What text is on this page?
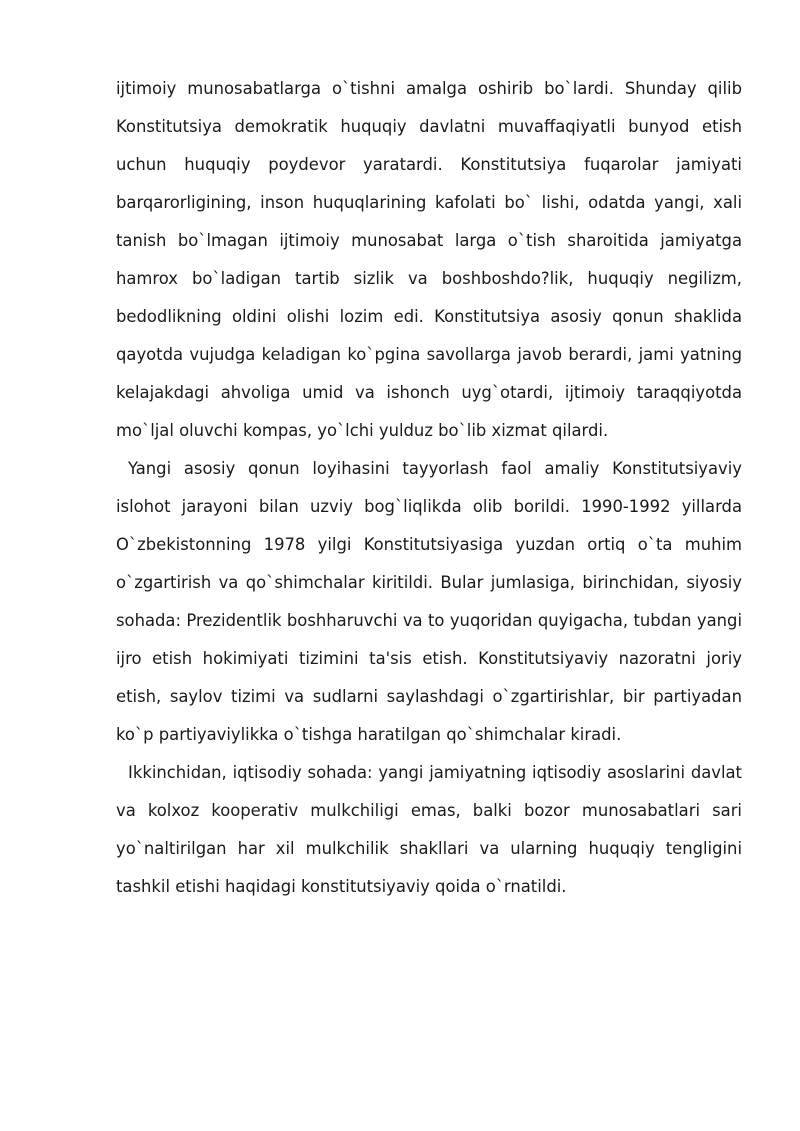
ijtimoiy munosabatlarga o`tishni amalga oshirib bo`lardi. Shunday qilib Konstitutsiya demokratik huquqiy davlatni muvaffaqiyatli bunyod etish uchun huquqiy poydevor yaratardi. Konstitutsiya fuqarolar jamiyati barqarorligining, inson huquqlarining kafolati bo` lishi, odatda yangi, xali tanish bo`lmagan ijtimoiy munosabat larga o`tish sharoitida jamiyatga hamrox bo`ladigan tartib sizlik va boshboshdo?lik, huquqiy negilizm, bedodlikning oldini olishi lozim edi. Konstitutsiya asosiy qonun shaklida qayotda vujudga keladigan ko`pgina savollarga javob berardi, jami yatning kelajakdagi ahvoliga umid va ishonch uyg`otardi, ijtimoiy taraqqiyotda mo`ljal oluvchi kompas, yo`lchi yulduz bo`lib xizmat qilardi.

Yangi asosiy qonun loyihasini tayyorlash faol amaliy Konstitutsiyaviy islohot jarayoni bilan uzviy bog`liqlikda olib borildi. 1990-1992 yillarda O`zbekistonning 1978 yilgi Konstitutsiyasiga yuzdan ortiq o`ta muhim o`zgartirish va qo`shimchalar kiritildi. Bular jumlasiga, birinchidan, siyosiy sohada: Prezidentlik boshharuvchi va to yuqoridan quyigacha, tubdan yangi ijro etish hokimiyati tizimini ta'sis etish. Konstitutsiyaviy nazoratni joriy etish, saylov tizimi va sudlarni saylashdagi o`zgartirishlar, bir partiyadan ko`p partiyaviylikka o`tishga haratilgan qo`shimchalar kiradi.

Ikkinchidan, iqtisodiy sohada: yangi jamiyatning iqtisodiy asoslarini davlat va kolxoz kooperativ mulkchiligi emas, balki bozor munosabatlari sari yo`naltirilgan har xil mulkchilik shakllari va ularning huquqiy tengligini tashkil etishi haqidagi konstitutsiyaviy qoida o`rnatildi.
